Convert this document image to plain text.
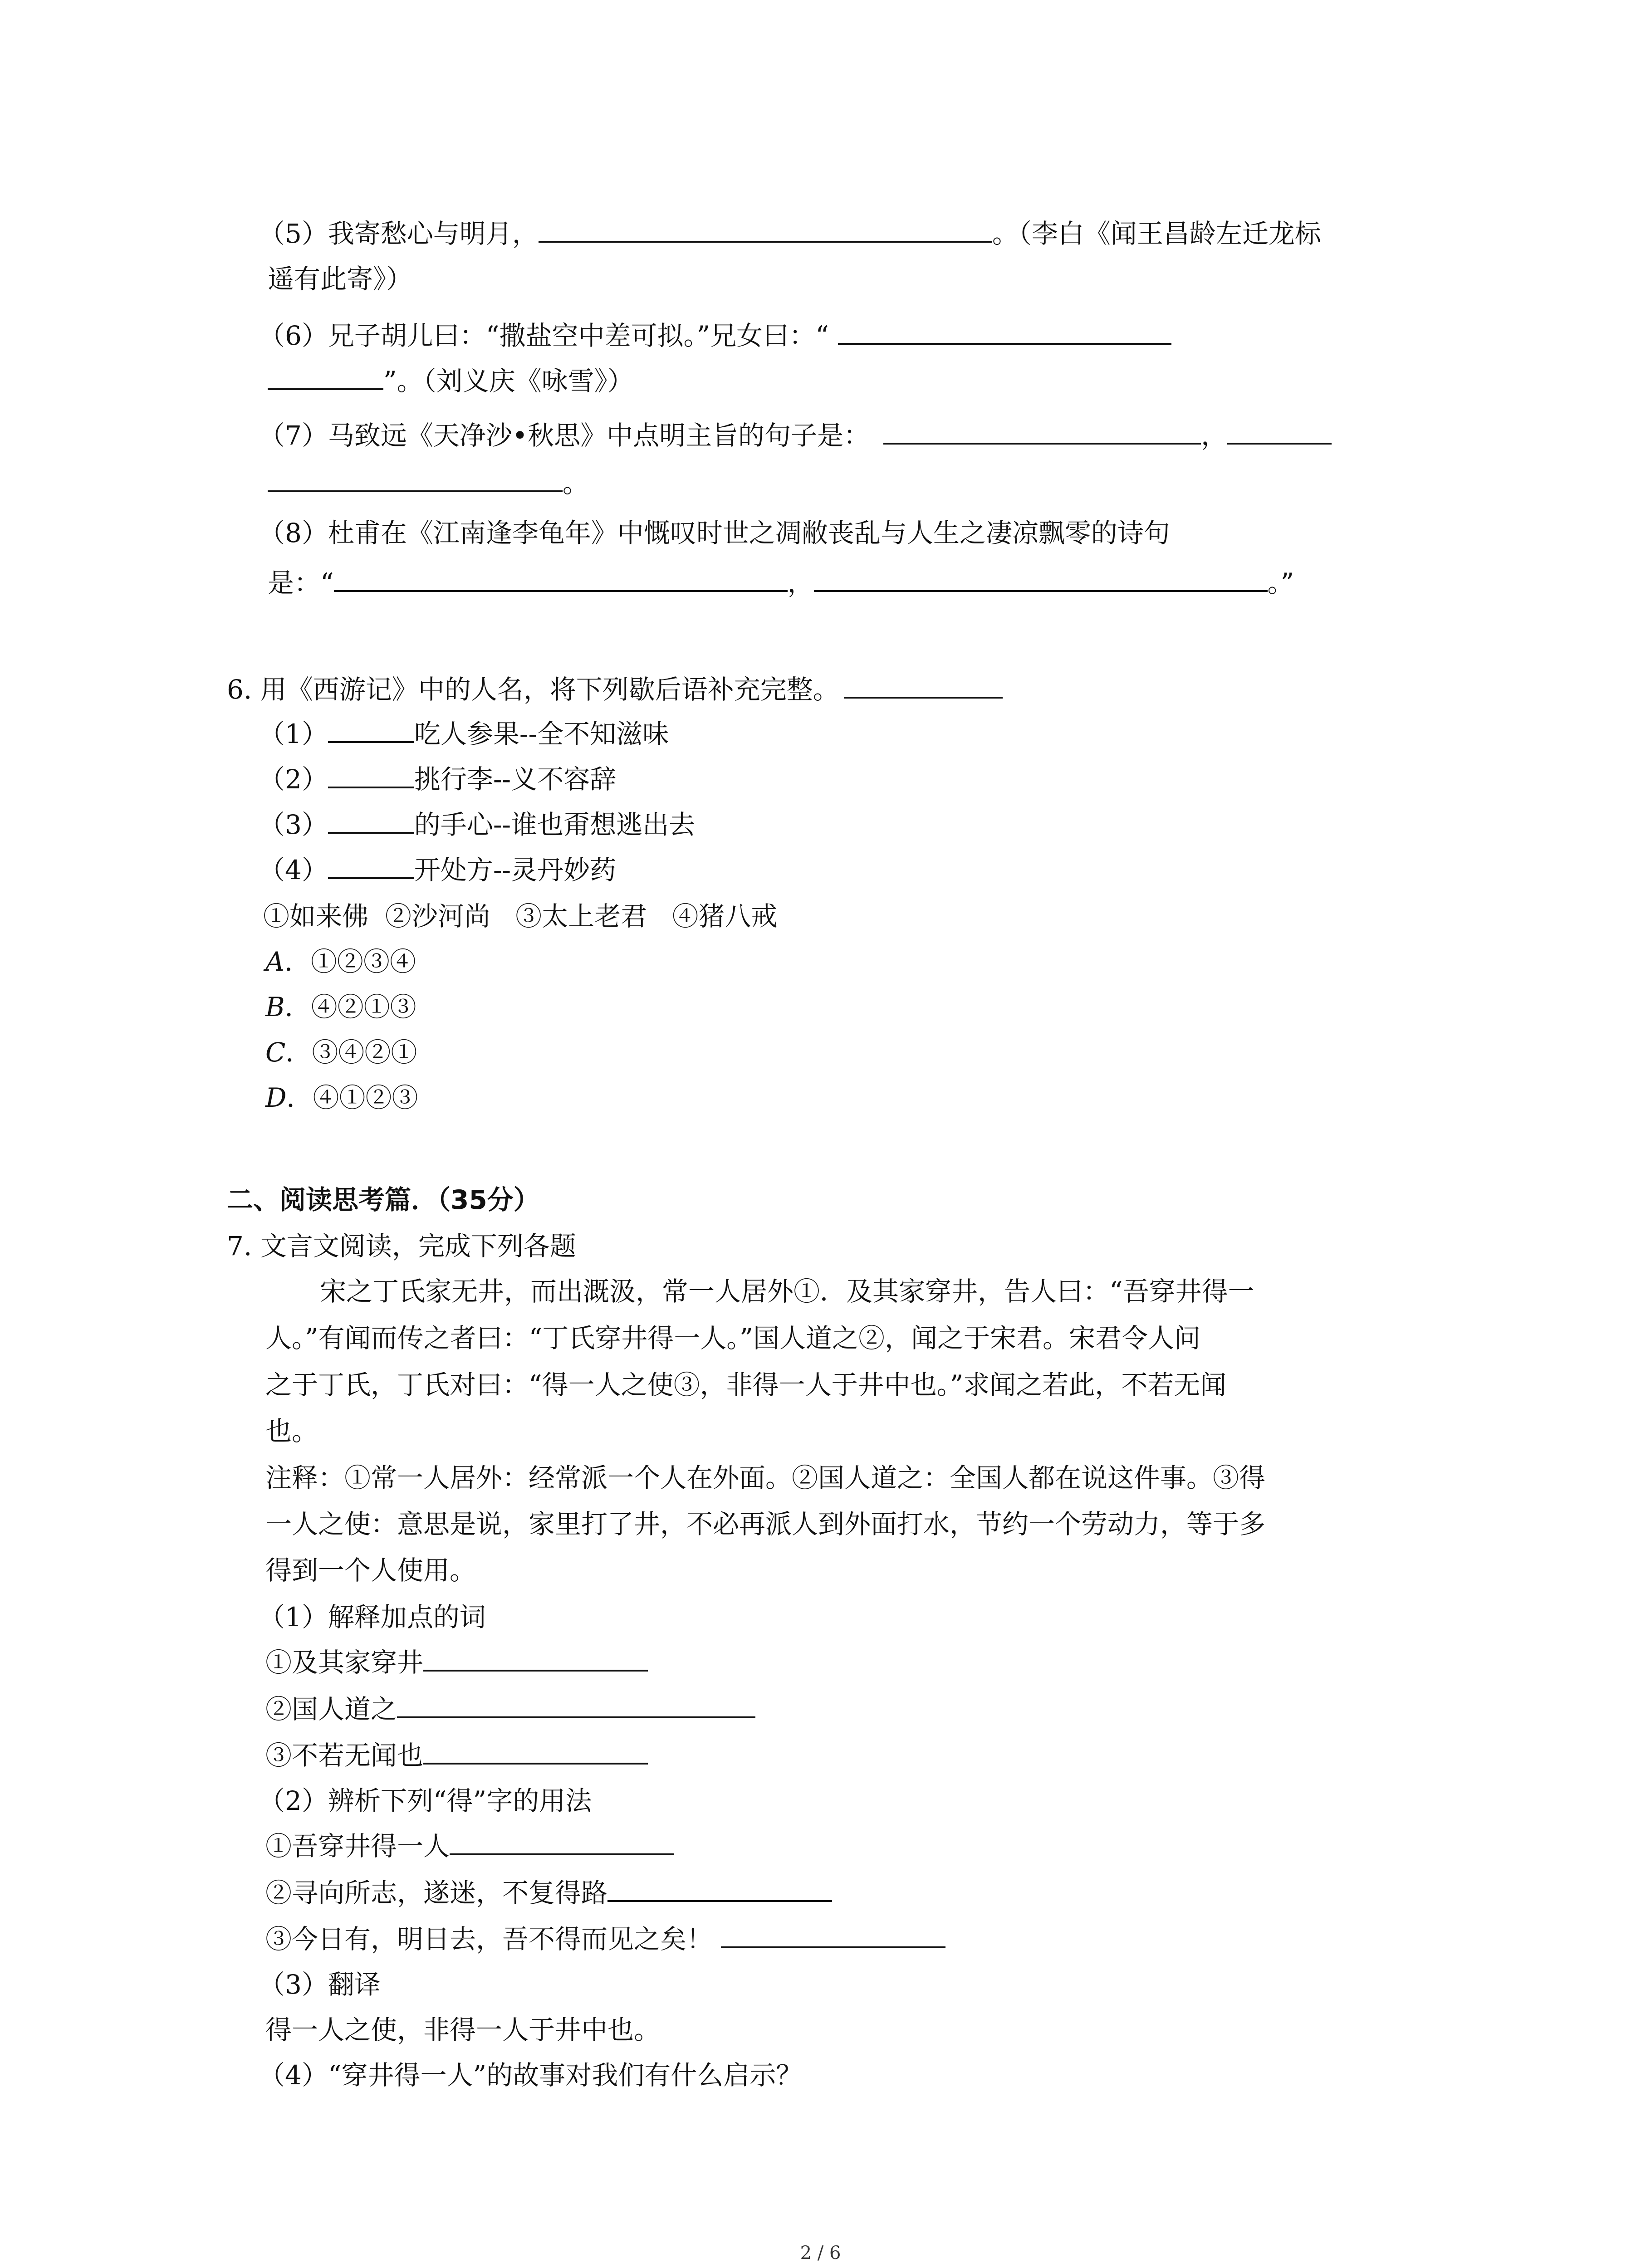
（5）我寄愁心与明月，	。（李白《闻王昌龄左迁龙标
遥有此寄》）
（6）兄子胡儿曰：“撒盐空中差可拟。”兄女曰：“
”。（刘义庆《咏雪》）
（7）马致远《天净沙•秋思》中点明主旨的句子是：	，
。
（8）杜甫在《江南逢李龟年》中慨叹时世之凋敝丧乱与人生之凄凉飘零的诗句
是：“	，	。”
6. 用《西游记》中的人名，将下列歇后语补充完整。
（1）	吃人参果--全不知滋味
（2）	挑行李--义不容辞
（3）	的手心--谁也甭想逃出去
（4）	开处方--灵丹妙药
①如来佛  ②沙河尚   ③太上老君   ④猪八戒
A．①②③④
B．④②①③
C．③④②①
D．④①②③
二、阅读思考篇．（35分）
7. 文言文阅读，完成下列各题
宋之丁氏家无井，而出溉汲，常一人居外①．及其家穿井，告人曰：“吾穿井得一
人。”有闻而传之者曰：“丁氏穿井得一人。”国人道之②，闻之于宋君。宋君令人问
之于丁氏，丁氏对曰：“得一人之使③，非得一人于井中也。”求闻之若此，不若无闻
也。
注释：①常一人居外：经常派一个人在外面。②国人道之：全国人都在说这件事。③得
一人之使：意思是说，家里打了井，不必再派人到外面打水，节约一个劳动力，等于多
得到一个人使用。
（1）解释加点的词
①及其家穿井
②国人道之
③不若无闻也
（2）辨析下列“得”字的用法
①吾穿井得一人
②寻向所志，遂迷，不复得路
③今日有，明日去，吾不得而见之矣！
（3）翻译
得一人之使，非得一人于井中也。
（4）“穿井得一人”的故事对我们有什么启示？
2 / 6
